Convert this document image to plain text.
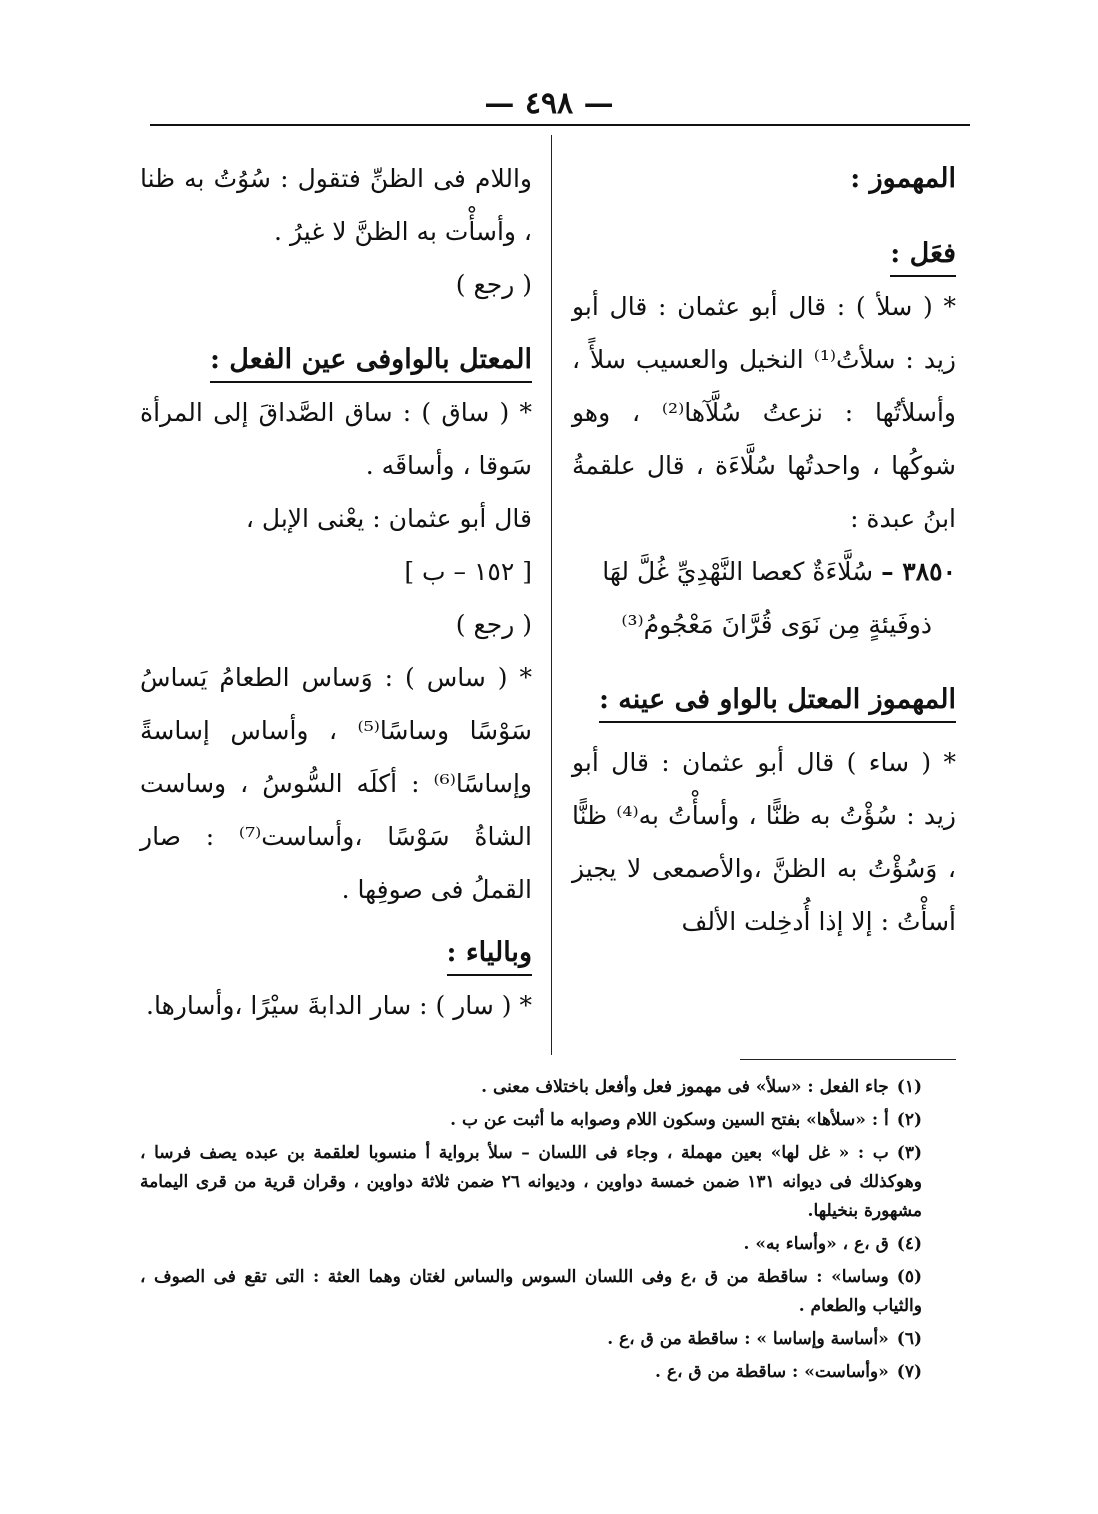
— ٤٩٨ —

المهموز :

فعَل :

* ( سلأ ) : قال أبو عثمان : قال أبو زيد : سلأتُ⁽¹⁾ النخيل والعسيب سلأً ، وأسلأتُها : نزعتُ سُلَّآها⁽²⁾ ، وهو شوكُها ، واحدتُها سُلَّاءَة ، قال علقمةُ ابنُ عبدة :

٣٨٥٠ – سُلَّاءَةٌ كعصا النَّهْدِيِّ غُلَّ لهَا

ذوفَيئةٍ مِن نَوَى قُرَّانَ مَعْجُومُ⁽³⁾

المهموز المعتل بالواو فى عينه :

* ( ساء ) قال أبو عثمان : قال أبو زيد : سُؤْتُ به ظنًّا ، وأسأْتُ به⁽⁴⁾ ظنًّا ، وَسُؤْتُ به الظنَّ ،والأصمعى لا يجيز أسأْتُ : إلا إذا أُدخِلت الألف

واللام فى الظنِّ فتقول : سُوُتُ به ظنا ، وأسأْت به الظنَّ لا غيرُ .

( رجع )

المعتل بالواوفى عين الفعل :

* ( ساق ) : ساق الصَّداقَ إلى المرأة سَوقا ، وأساقَه .

قال أبو عثمان : يعْنى الإبل ،

[ ١٥٢ – ب ]

( رجع )

* ( ساس ) : وَساس الطعامُ يَساسُ سَوْسًا وساسًا⁽⁵⁾ ، وأساس إساسةً وإساسًا⁽⁶⁾ : أكلَه السُّوسُ ، وساست الشاةُ سَوْسًا ،وأساست⁽⁷⁾ : صار القملُ فى صوفِها .

وبالياء :

* ( سار ) : سار الدابةَ سيْرًا ،وأسارها.

(١)جاء الفعل : «سلأ» فى مهموز فعل وأفعل باختلاف معنى .

(٢)أ : «سلأها» بفتح السين وسكون اللام وصوابه ما أثبت عن ب .

(٣)ب : « غل لها» بعين مهملة ، وجاء فى اللسان – سلأ برواية أ منسوبا لعلقمة بن عبده يصف فرسا ، وهوكذلك فى ديوانه ١٣١ ضمن خمسة دواوين ، وديوانه ٢٦ ضمن ثلاثة دواوين ، وقران قرية من قرى اليمامة مشهورة بنخيلها.

(٤)ق ،ع ، «وأساء به» .

(٥)وساسا» : ساقطة من ق ،ع وفى اللسان السوس والساس لغتان وهما العثة : التى تقع فى الصوف ، والثياب والطعام .

(٦)«أساسة وإساسا » : ساقطة من ق ،ع .

(٧)«وأساست» : ساقطة من ق ،ع .
